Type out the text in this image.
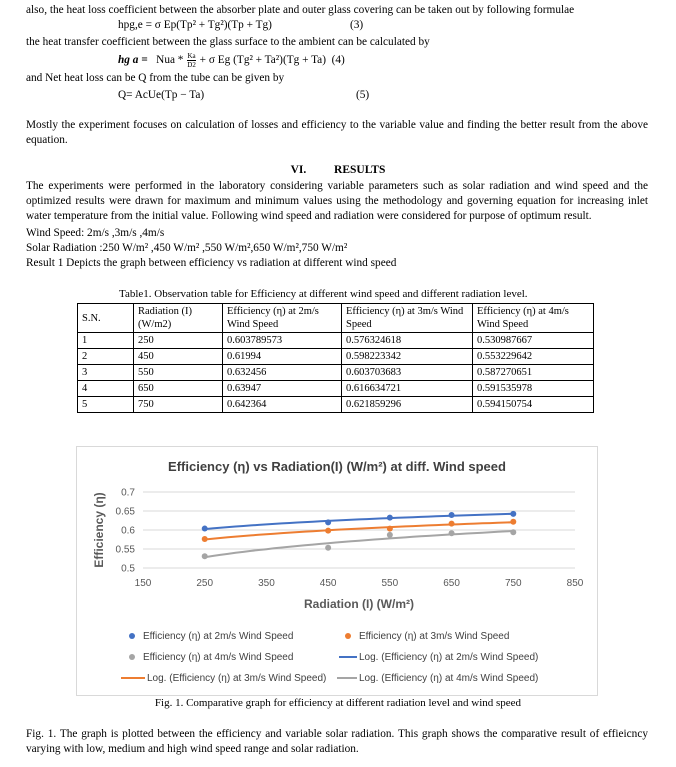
also, the heat loss coefficient between the absorber plate and outer glass covering can be taken out by following formulae
hpg,e = σ Ep(Tp² + Tg²)(Tp + Tg)	(3)
the heat transfer coefficient between the glass surface to the ambient can be calculated by
hg a = Nua * $\frac{Ka}{D2} + \sigma$ Eg (Tg² + Ta²)(Tg + Ta) (4)
and Net heat loss can be Q from the tube can be given by
Q= AcUe(Tp − Ta)	(5)
Mostly the experiment focuses on calculation of losses and efficiency to the variable value and finding the better result from the above equation.
VI. RESULTS
The experiments were performed in the laboratory considering variable parameters such as solar radiation and wind speed and the optimized results were drawn for maximum and minimum values using the methodology and governing equation for increasing inlet water temperature from the initial value. Following wind speed and radiation were considered for purpose of optimum result.
Wind Speed: 2m/s ,3m/s ,4m/s
Solar Radiation :250 W/m² ,450 W/m² ,550 W/m²,650 W/m²,750 W/m²
Result 1 Depicts the graph between efficiency vs radiation at different wind speed
Table1. Observation table for Efficiency at different wind speed and different radiation level.
S.N.	Radiation (I) (W/m2)	Efficiency (η) at 2m/s Wind Speed	Efficiency (η) at 3m/s Wind Speed	Efficiency (η) at 4m/s Wind Speed
1	250	0.603789573	0.576324618	0.530987667
2	450	0.61994	0.598223342	0.553229642
3	550	0.632456	0.603703683	0.587270651
4	650	0.63947	0.616634721	0.591535978
5	750	0.642364	0.621859296	0.594150754
Efficiency (η) vs Radiation(I) (W/m²) at diff. Wind speed
0.5
0.55
0.6
0.65
0.7
150	250	350	450	550	650	750	850
Radiation (I) (W/m²)
Efficiency (η)
Efficiency (η) at 2m/s Wind Speed	Efficiency (η) at 3m/s Wind Speed
Efficiency (η) at 4m/s Wind Speed	Log. (Efficiency (η) at 2m/s Wind Speed)
Log. (Efficiency (η) at 3m/s Wind Speed)	Log. (Efficiency (η) at 4m/s Wind Speed)
Fig. 1. Comparative graph for efficiency at different radiation level and wind speed
Fig. 1. The graph is plotted between the efficiency and variable solar radiation. This graph shows the comparative result of effieicncy varying with low, medium and high wind speed range and solar radiation.
